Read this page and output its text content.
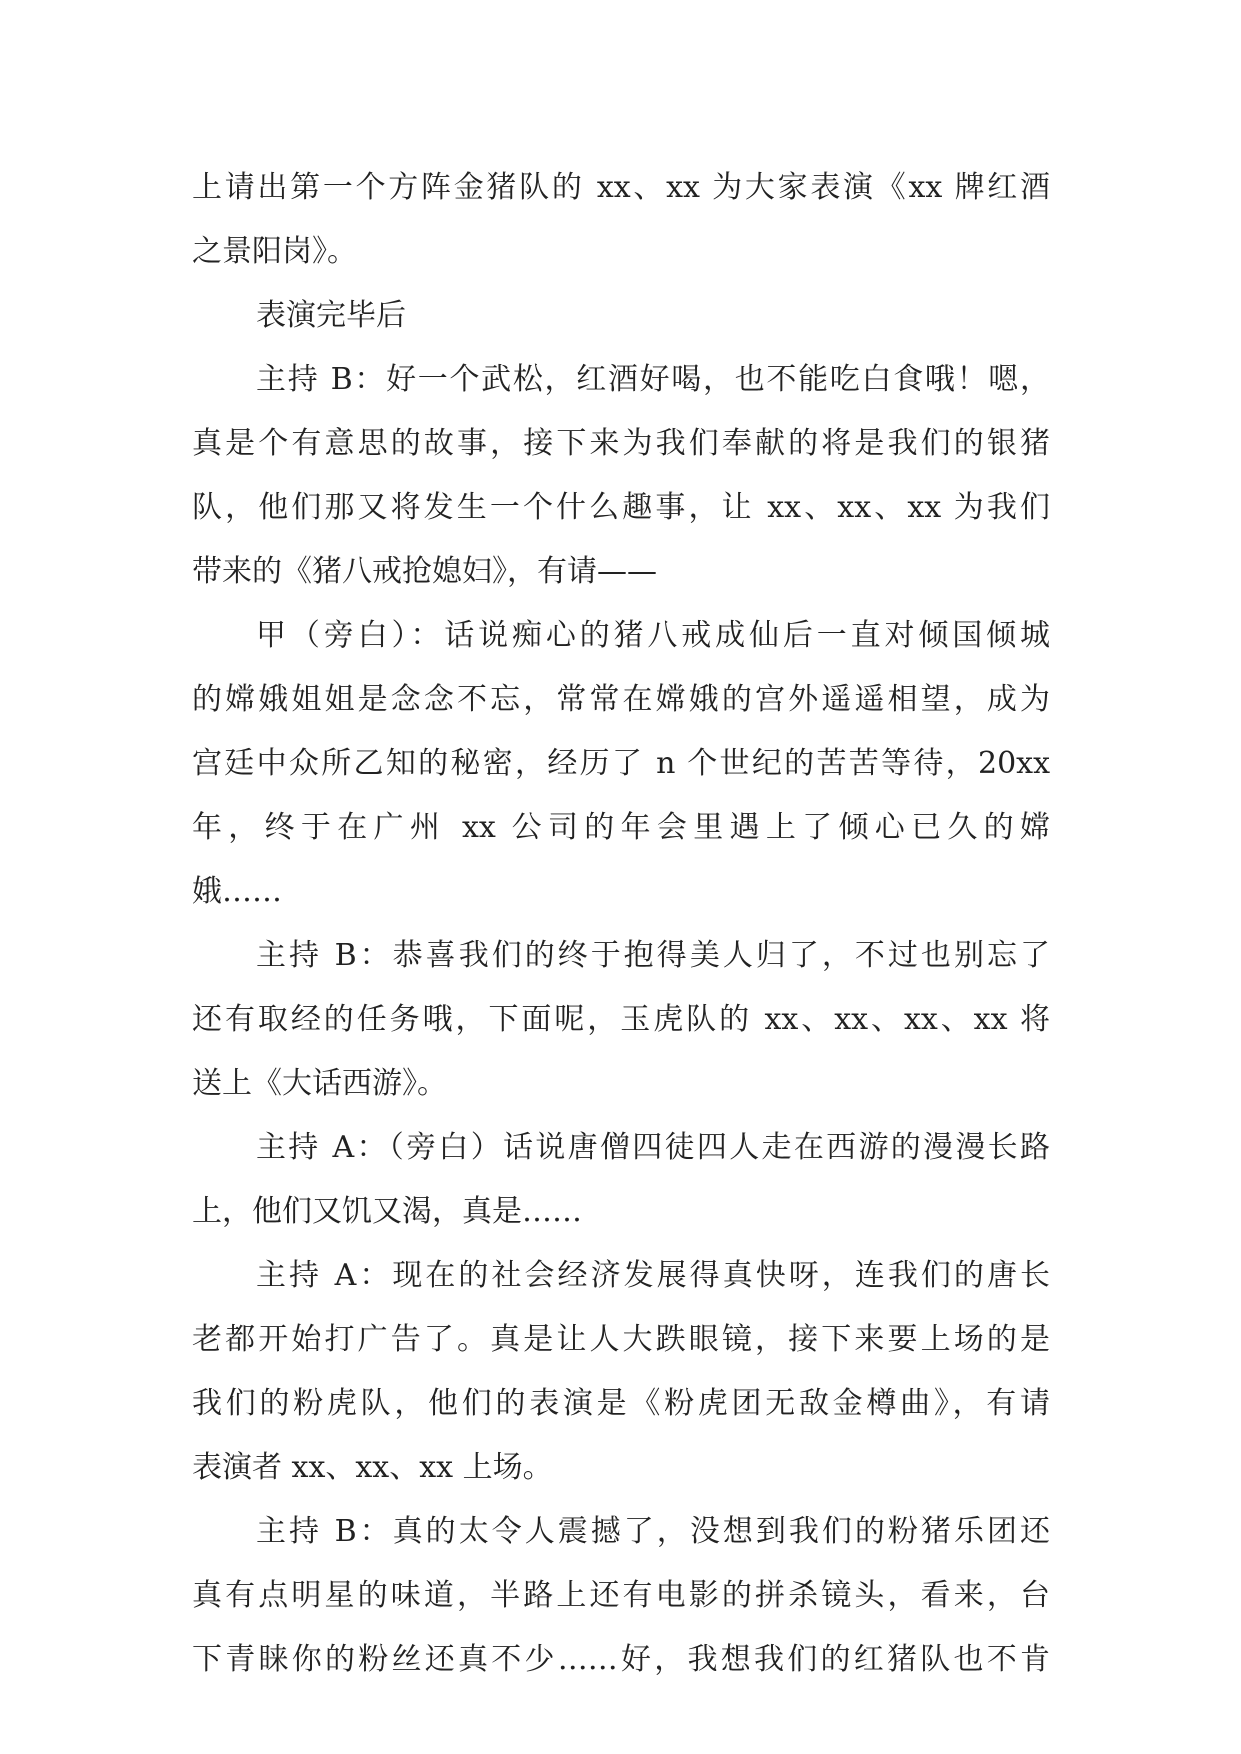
上请出第一个方阵金猪队的 xx、xx 为大家表演《xx 牌红酒
之景阳岗》。
表演完毕后
主持 B：好一个武松，红酒好喝，也不能吃白食哦！嗯，
真是个有意思的故事，接下来为我们奉献的将是我们的银猪
队，他们那又将发生一个什么趣事，让 xx、xx、xx 为我们
带来的《猪八戒抢媳妇》，有请——
甲（旁白）：话说痴心的猪八戒成仙后一直对倾国倾城
的嫦娥姐姐是念念不忘，常常在嫦娥的宫外遥遥相望，成为
宫廷中众所乙知的秘密，经历了 n 个世纪的苦苦等待，20xx
年，终于在广州 xx 公司的年会里遇上了倾心已久的嫦
娥……
主持 B：恭喜我们的终于抱得美人归了，不过也别忘了
还有取经的任务哦，下面呢，玉虎队的 xx、xx、xx、xx 将
送上《大话西游》。
主持 A：（旁白）话说唐僧四徒四人走在西游的漫漫长路
上，他们又饥又渴，真是……
主持 A：现在的社会经济发展得真快呀，连我们的唐长
老都开始打广告了。真是让人大跌眼镜，接下来要上场的是
我们的粉虎队，他们的表演是《粉虎团无敌金樽曲》，有请
表演者 xx、xx、xx 上场。
主持 B：真的太令人震撼了，没想到我们的粉猪乐团还
真有点明星的味道，半路上还有电影的拼杀镜头，看来，台
下青睐你的粉丝还真不少……好，我想我们的红猪队也不肯
